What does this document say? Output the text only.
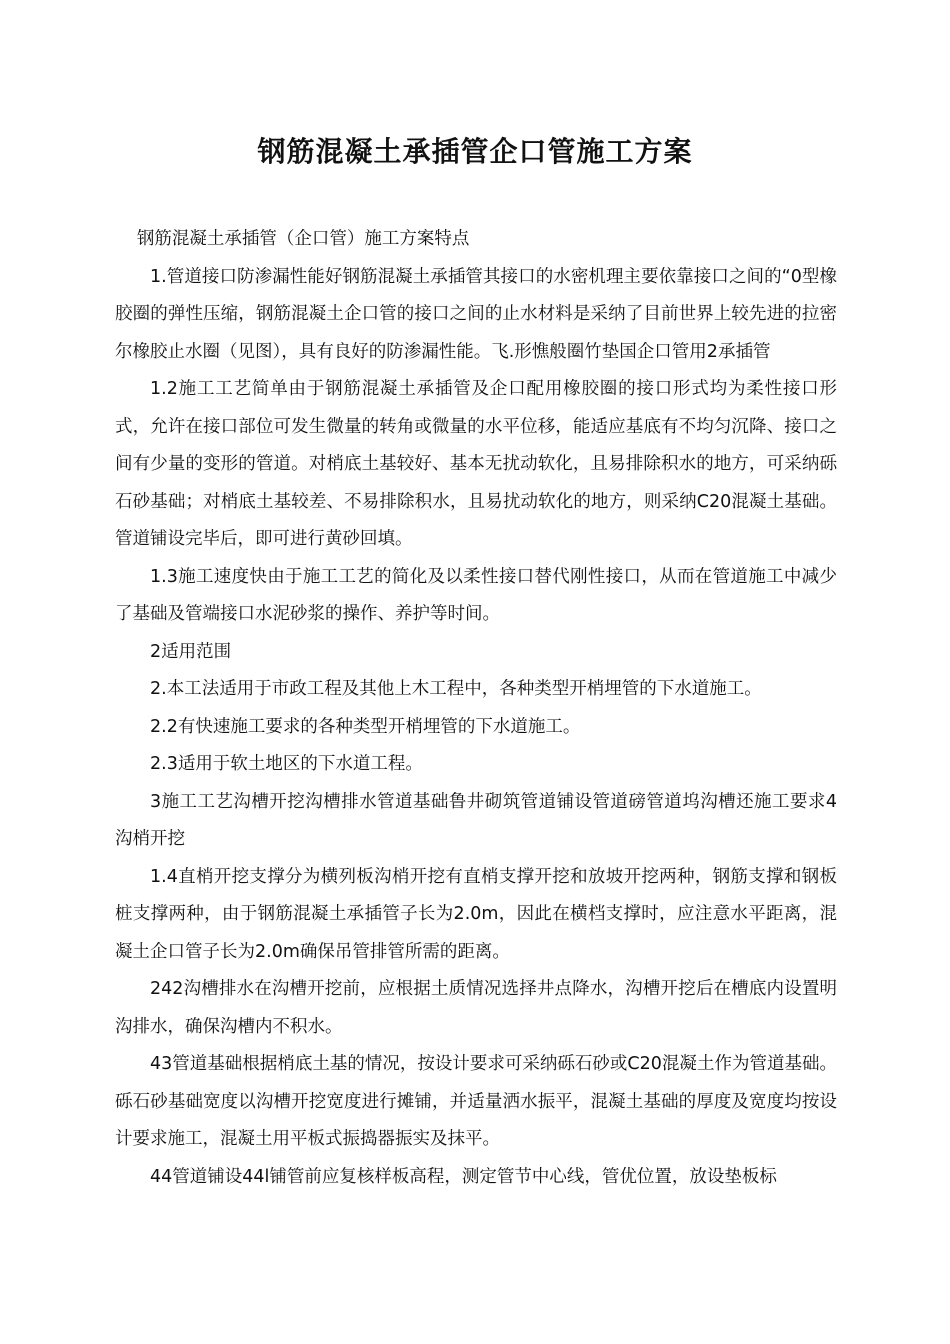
钢筋混凝土承插管企口管施工方案

钢筋混凝土承插管（企口管）施工方案特点

1.管道接口防渗漏性能好钢筋混凝土承插管其接口的水密机理主要依靠接口之间的“0型橡胶圈的弹性压缩，钢筋混凝土企口管的接口之间的止水材料是采纳了目前世界上较先进的拉密尔橡胶止水圈（见图），具有良好的防渗漏性能。飞.形憔般圈竹垫国企口管用2承插管

1.2施工工艺简单由于钢筋混凝土承插管及企口配用橡胶圈的接口形式均为柔性接口形式，允许在接口部位可发生微量的转角或微量的水平位移，能适应基底有不均匀沉降、接口之间有少量的变形的管道。对梢底土基较好、基本无扰动软化，且易排除积水的地方，可采纳砾石砂基础；对梢底土基较差、不易排除积水，且易扰动软化的地方，则采纳C20混凝土基础。管道铺设完毕后，即可进行黄砂回填。

1.3施工速度快由于施工工艺的简化及以柔性接口替代刚性接口，从而在管道施工中减少了基础及管端接口水泥砂浆的操作、养护等时间。

2适用范围

2.本工法适用于市政工程及其他上木工程中，各种类型开梢埋管的下水道施工。

2.2有快速施工要求的各种类型开梢埋管的下水道施工。

2.3适用于软土地区的下水道工程。

3施工工艺沟槽开挖沟槽排水管道基础鲁井砌筑管道铺设管道磅管道坞沟槽还施工要求4沟梢开挖

1.4直梢开挖支撑分为横列板沟梢开挖有直梢支撑开挖和放坡开挖两种，钢筋支撑和钢板桩支撑两种，由于钢筋混凝土承插管子长为2.0m，因此在横档支撑时，应注意水平距离，混凝土企口管子长为2.0m确保吊管排管所需的距离。

242沟槽排水在沟槽开挖前，应根据土质情况选择井点降水，沟槽开挖后在槽底内设置明沟排水，确保沟槽内不积水。

43管道基础根据梢底土基的情况，按设计要求可采纳砾石砂或C20混凝土作为管道基础。砾石砂基础宽度以沟槽开挖宽度进行摊铺，并适量洒水振平，混凝土基础的厚度及宽度均按设计要求施工，混凝土用平板式振捣器振实及抹平。

44管道铺设44l铺管前应复核样板高程，测定管节中心线，管优位置，放设垫板标
